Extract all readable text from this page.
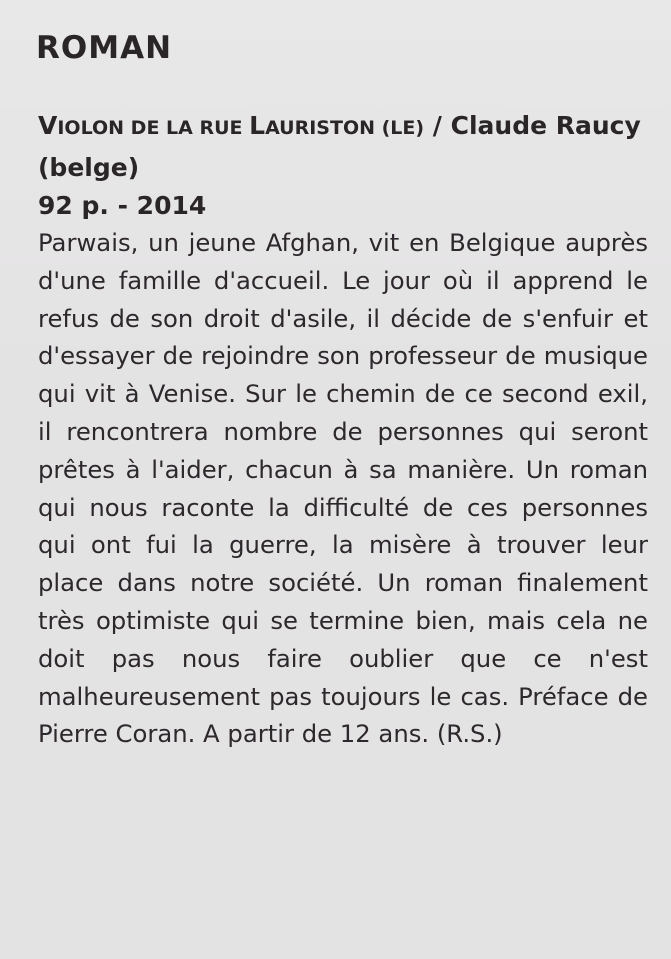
ROMAN

VIOLON DE LA RUE LAURISTON (LE) / Claude Raucy (belge)

92 p. - 2014

Parwais, un jeune Afghan, vit en Belgique auprès d'une famille d'accueil. Le jour où il apprend le refus de son droit d'asile, il décide de s'enfuir et d'essayer de rejoindre son professeur de musique qui vit à Venise. Sur le chemin de ce second exil, il rencontrera nombre de personnes qui seront prêtes à l'aider, chacun à sa manière. Un roman qui nous raconte la difficulté de ces personnes qui ont fui la guerre, la misère à trouver leur place dans notre société. Un roman finalement très optimiste qui se termine bien, mais cela ne doit pas nous faire oublier que ce n'est malheureusement pas toujours le cas. Préface de Pierre Coran. A partir de 12 ans. (R.S.)
